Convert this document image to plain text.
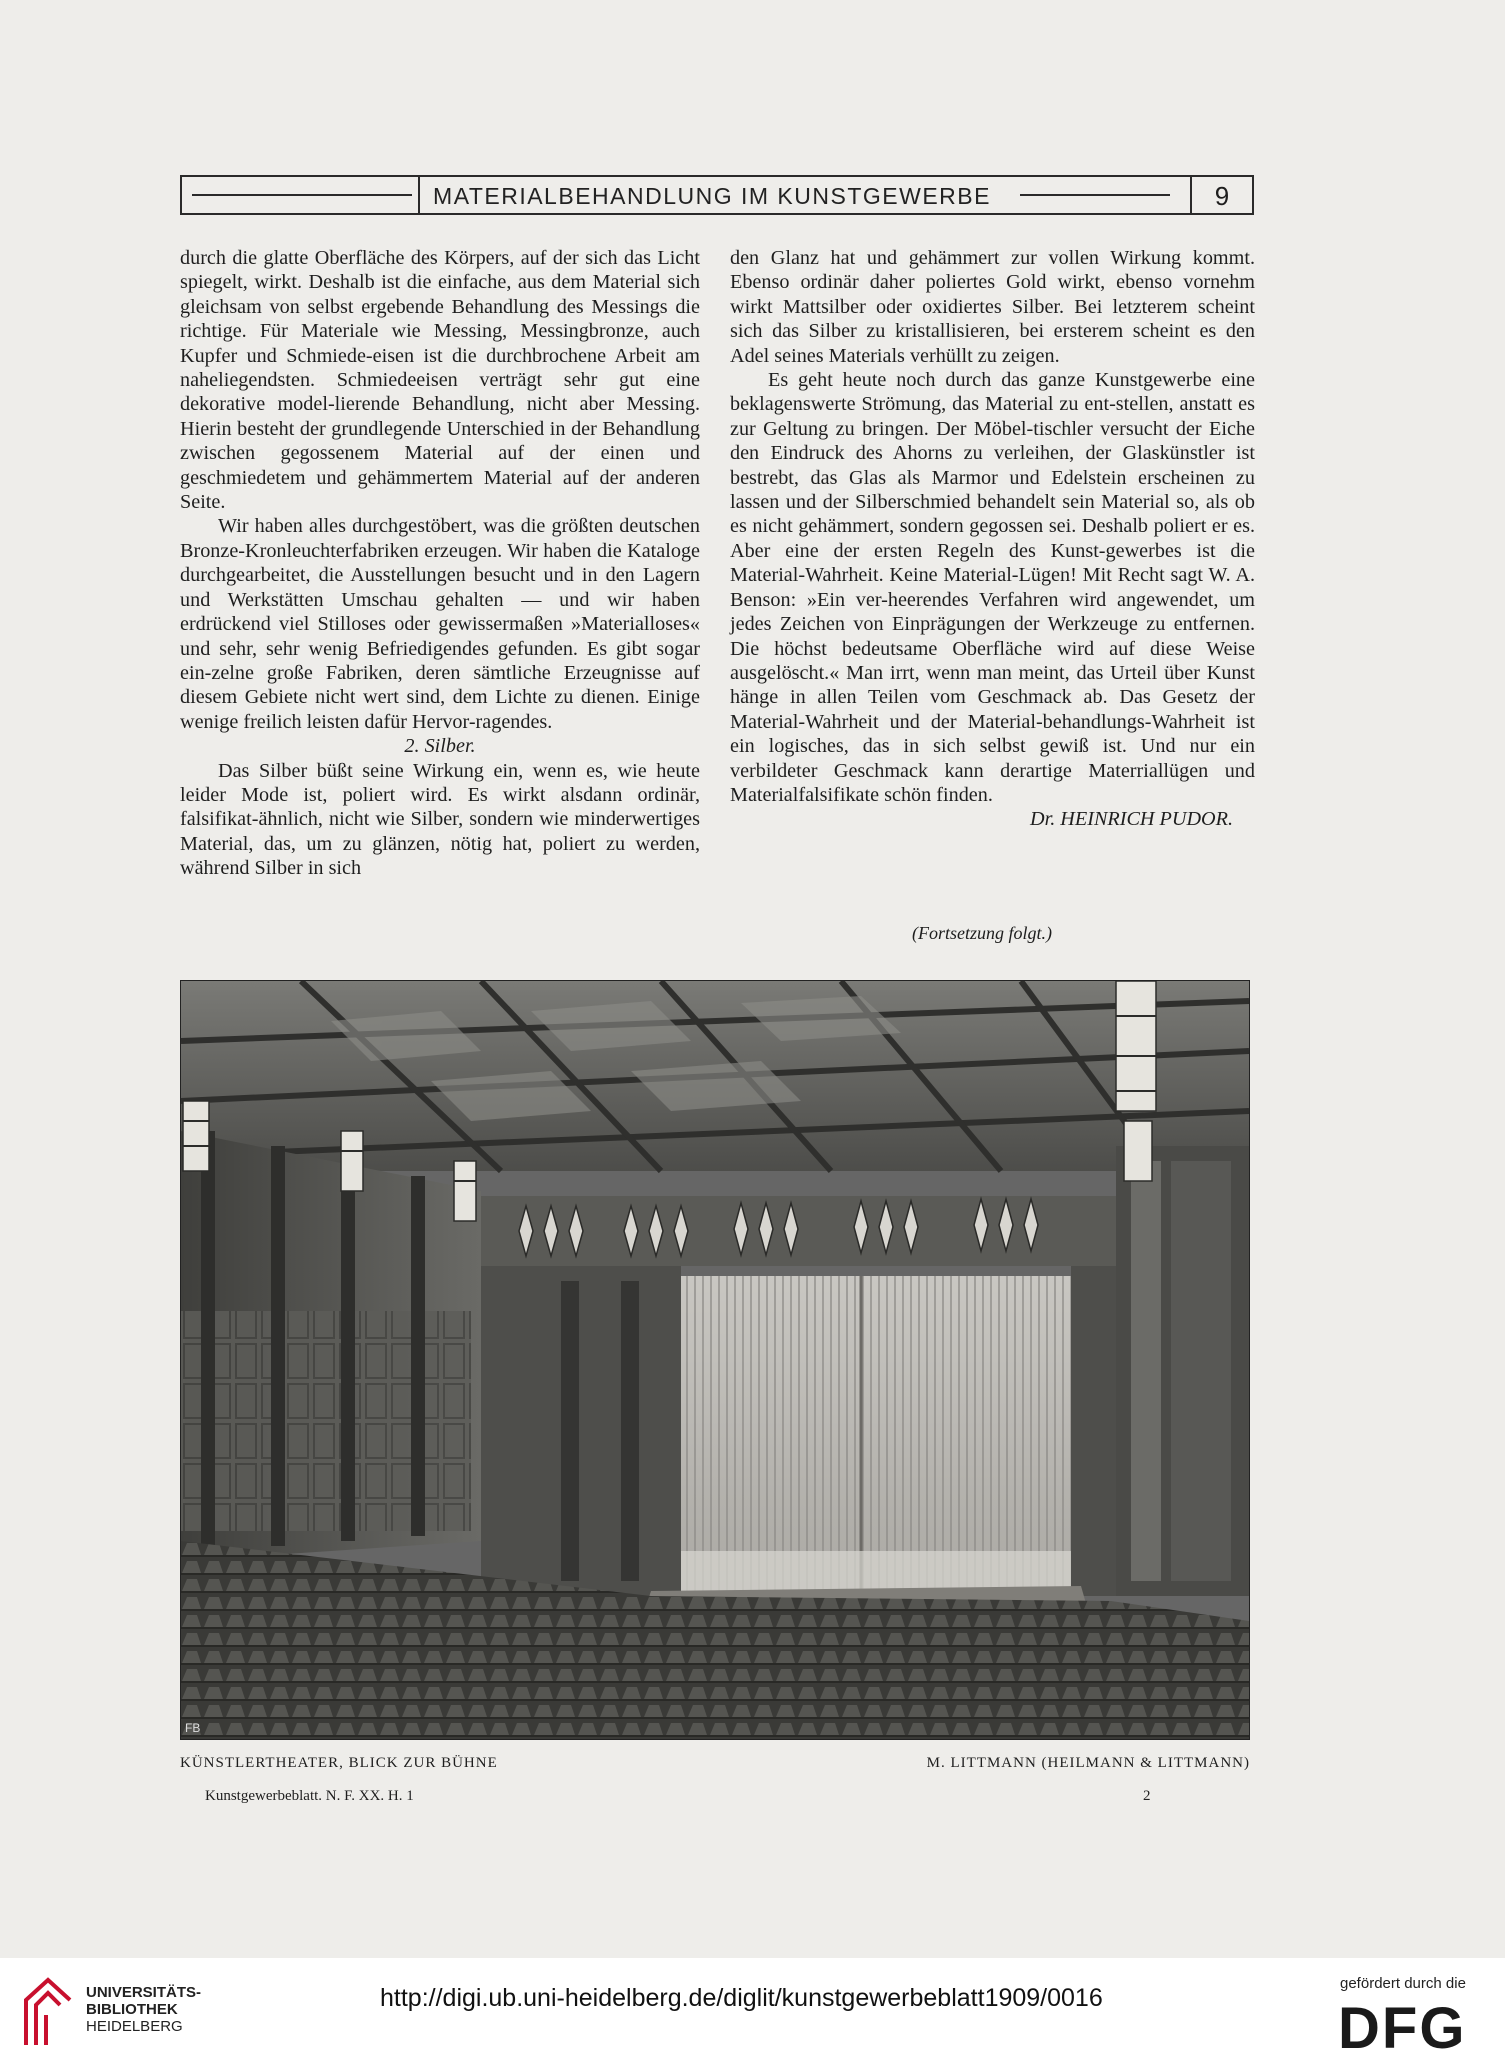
MATERIALBEHANDLUNG IM KUNSTGEWERBE	9

durch die glatte Oberfläche des Körpers, auf der sich das Licht spiegelt, wirkt. Deshalb ist die einfache, aus dem Material sich gleichsam von selbst ergebende Behandlung des Messings die richtige. Für Materiale wie Messing, Messingbronze, auch Kupfer und Schmiede-eisen ist die durchbrochene Arbeit am naheliegendsten. Schmiedeeisen verträgt sehr gut eine dekorative model-lierende Behandlung, nicht aber Messing. Hierin besteht der grundlegende Unterschied in der Behandlung zwischen gegossenem Material auf der einen und geschmiedetem und gehämmertem Material auf der anderen Seite.

Wir haben alles durchgestöbert, was die größten deutschen Bronze-Kronleuchterfabriken erzeugen. Wir haben die Kataloge durchgearbeitet, die Ausstellungen besucht und in den Lagern und Werkstätten Umschau gehalten — und wir haben erdrückend viel Stilloses oder gewissermaßen »Materialloses« und sehr, sehr wenig Befriedigendes gefunden. Es gibt sogar ein-zelne große Fabriken, deren sämtliche Erzeugnisse auf diesem Gebiete nicht wert sind, dem Lichte zu dienen. Einige wenige freilich leisten dafür Hervor-ragendes.

2. Silber.

Das Silber büßt seine Wirkung ein, wenn es, wie heute leider Mode ist, poliert wird. Es wirkt alsdann ordinär, falsifikat-ähnlich, nicht wie Silber, sondern wie minderwertiges Material, das, um zu glänzen, nötig hat, poliert zu werden, während Silber in sich

den Glanz hat und gehämmert zur vollen Wirkung kommt. Ebenso ordinär daher poliertes Gold wirkt, ebenso vornehm wirkt Mattsilber oder oxidiertes Silber. Bei letzterem scheint sich das Silber zu kristallisieren, bei ersterem scheint es den Adel seines Materials verhüllt zu zeigen.

Es geht heute noch durch das ganze Kunstgewerbe eine beklagenswerte Strömung, das Material zu ent-stellen, anstatt es zur Geltung zu bringen. Der Möbel-tischler versucht der Eiche den Eindruck des Ahorns zu verleihen, der Glaskünstler ist bestrebt, das Glas als Marmor und Edelstein erscheinen zu lassen und der Silberschmied behandelt sein Material so, als ob es nicht gehämmert, sondern gegossen sei. Deshalb poliert er es. Aber eine der ersten Regeln des Kunst-gewerbes ist die Material-Wahrheit. Keine Material-Lügen! Mit Recht sagt W. A. Benson: »Ein ver-heerendes Verfahren wird angewendet, um jedes Zeichen von Einprägungen der Werkzeuge zu entfernen. Die höchst bedeutsame Oberfläche wird auf diese Weise ausgelöscht.« Man irrt, wenn man meint, das Urteil über Kunst hänge in allen Teilen vom Geschmack ab. Das Gesetz der Material-Wahrheit und der Material-behandlungs-Wahrheit ist ein logisches, das in sich selbst gewiß ist. Und nur ein verbildeter Geschmack kann derartige Materriallügen und Materialfalsifikate schön finden.

Dr. HEINRICH PUDOR.

(Fortsetzung folgt.)
FB
KÜNSTLERTHEATER, BLICK ZUR BÜHNE	M. LITTMANN (HEILMANN & LITTMANN)
Kunstgewerbeblatt. N. F. XX. H. 1	2
UNIVERSITÄTS-
BIBLIOTHEK
HEIDELBERG
http://digi.ub.uni-heidelberg.de/diglit/kunstgewerbeblatt1909/0016
gefördert durch die
DFG
